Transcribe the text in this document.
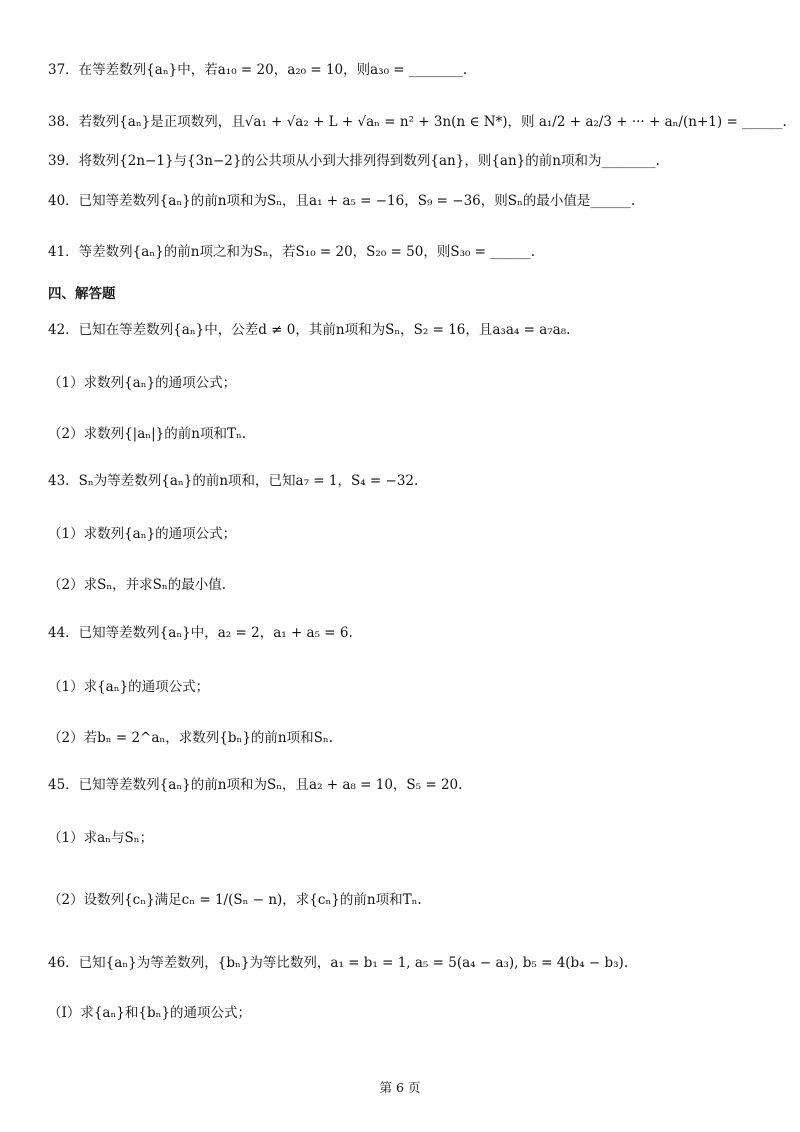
37．在等差数列{aₙ}中，若a₁₀ = 20，a₂₀ = 10，则a₃₀ = ________.
38．若数列{aₙ}是正项数列，且√a₁ + √a₂ + L + √aₙ = n² + 3n(n ∈ N*)，则 a₁/2 + a₂/3 + ··· + aₙ/(n+1) = ______.
39．将数列{2n−1}与{3n−2}的公共项从小到大排列得到数列{an}，则{an}的前n项和为________.
40．已知等差数列{aₙ}的前n项和为Sₙ，且a₁ + a₅ = −16，S₉ = −36，则Sₙ的最小值是______.
41．等差数列{aₙ}的前n项之和为Sₙ，若S₁₀ = 20，S₂₀ = 50，则S₃₀ = ______.
四、解答题
42．已知在等差数列{aₙ}中，公差d ≠ 0，其前n项和为Sₙ，S₂ = 16，且a₃a₄ = a₇a₈.
（1）求数列{aₙ}的通项公式；
（2）求数列{|aₙ|}的前n项和Tₙ.
43．Sₙ为等差数列{aₙ}的前n项和，已知a₇ = 1，S₄ = −32.
（1）求数列{aₙ}的通项公式；
（2）求Sₙ，并求Sₙ的最小值.
44．已知等差数列{aₙ}中，a₂ = 2，a₁ + a₅ = 6.
（1）求{aₙ}的通项公式；
（2）若bₙ = 2^aₙ，求数列{bₙ}的前n项和Sₙ.
45．已知等差数列{aₙ}的前n项和为Sₙ，且a₂ + a₈ = 10，S₅ = 20.
（1）求aₙ与Sₙ；
（2）设数列{cₙ}满足cₙ = 1/(Sₙ − n)，求{cₙ}的前n项和Tₙ.
46．已知{aₙ}为等差数列，{bₙ}为等比数列，a₁ = b₁ = 1, a₅ = 5(a₄ − a₃), b₅ = 4(b₄ − b₃).
（Ⅰ）求{aₙ}和{bₙ}的通项公式；
第 6 页
